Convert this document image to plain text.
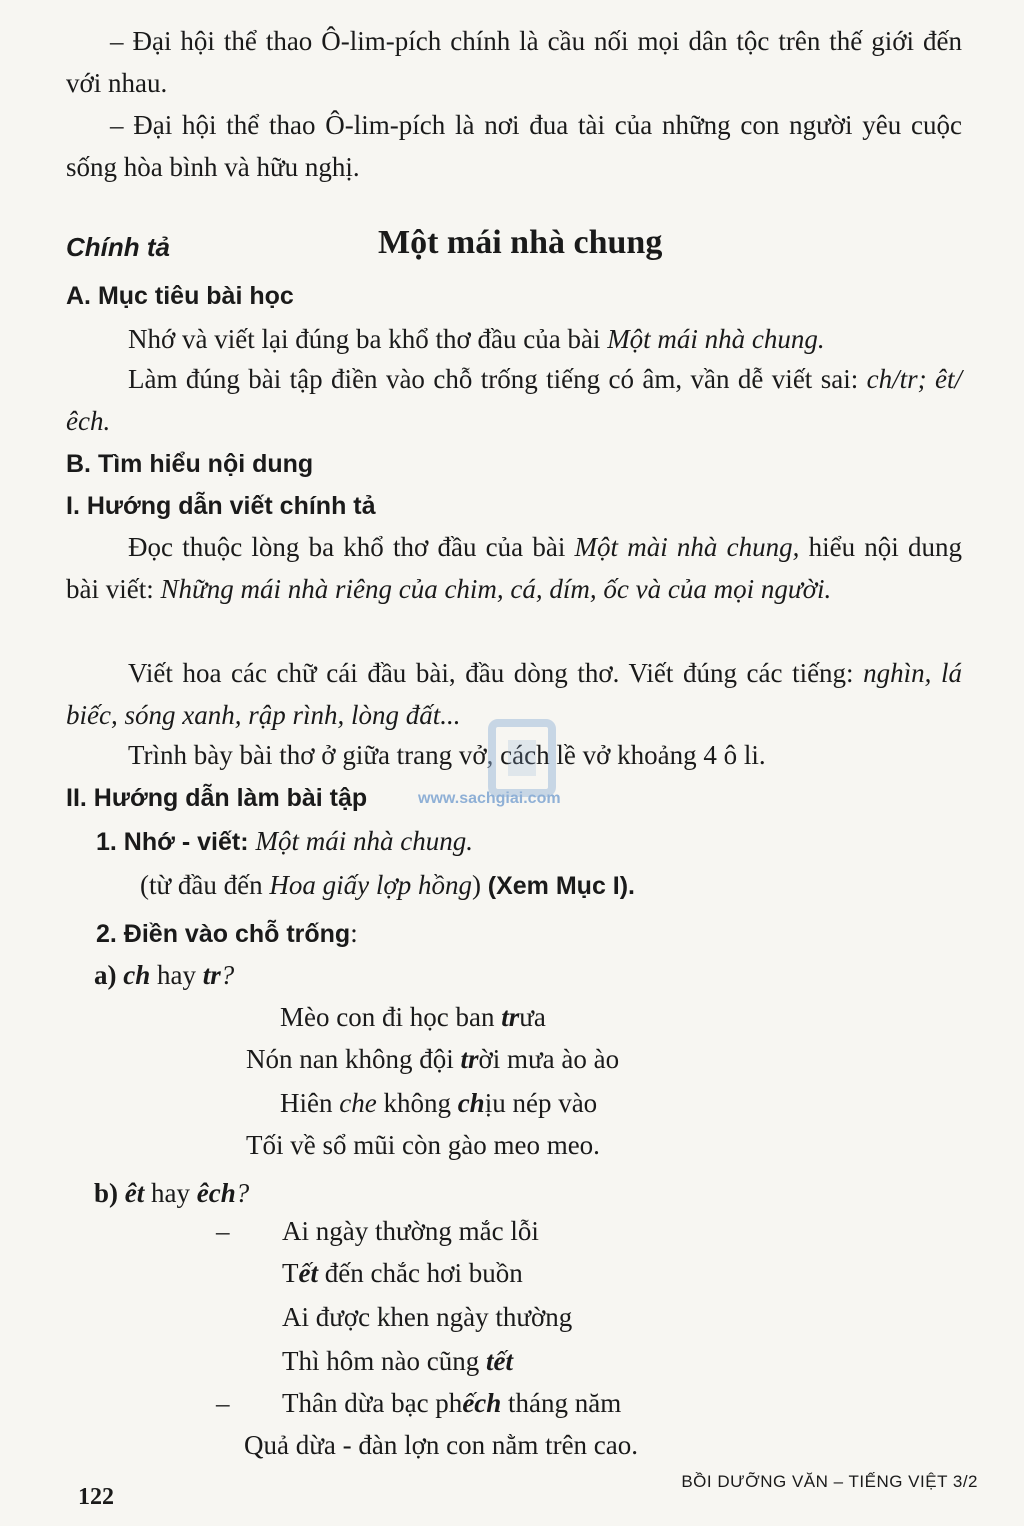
– Đại hội thể thao Ô-lim-pích chính là cầu nối mọi dân tộc trên thế giới đến với nhau.

– Đại hội thể thao Ô-lim-pích là nơi đua tài của những con người yêu cuộc sống hòa bình và hữu nghị.

Chính tả	Một mái nhà chung
A. Mục tiêu bài học

Nhớ và viết lại đúng ba khổ thơ đầu của bài Một mái nhà chung.

Làm đúng bài tập điền vào chỗ trống tiếng có âm, vần dễ viết sai: ch/tr; êt/êch.

B. Tìm hiểu nội dung
I. Hướng dẫn viết chính tả

Đọc thuộc lòng ba khổ thơ đầu của bài Một mài nhà chung, hiểu nội dung bài viết: Những mái nhà riêng của chim, cá, dím, ốc và của mọi người.

Viết hoa các chữ cái đầu bài, đầu dòng thơ. Viết đúng các tiếng: nghìn, lá biếc, sóng xanh, rập rình, lòng đất...

Trình bày bài thơ ở giữa trang vở, cách lề vở khoảng 4 ô li.

www.sachgiai.com
II. Hướng dẫn làm bài tập

1. Nhớ - viết: Một mái nhà chung.

(từ đầu đến Hoa giấy lợp hồng) (Xem Mục I).

2. Điền vào chỗ trống:

a) ch hay tr?

Mèo con đi học ban trưa

Nón nan không đội trời mưa ào ào

Hiên che không chịu nép vào

Tối về sổ mũi còn gào meo meo.

b) êt hay êch?

– Ai ngày thường mắc lỗi

Tết đến chắc hơi buồn

Ai được khen ngày thường

Thì hôm nào cũng tết

– Thân dừa bạc phếch tháng năm

Quả dừa - đàn lợn con nằm trên cao.

122
BỒI DƯỠNG VĂN – TIẾNG VIỆT 3/2
